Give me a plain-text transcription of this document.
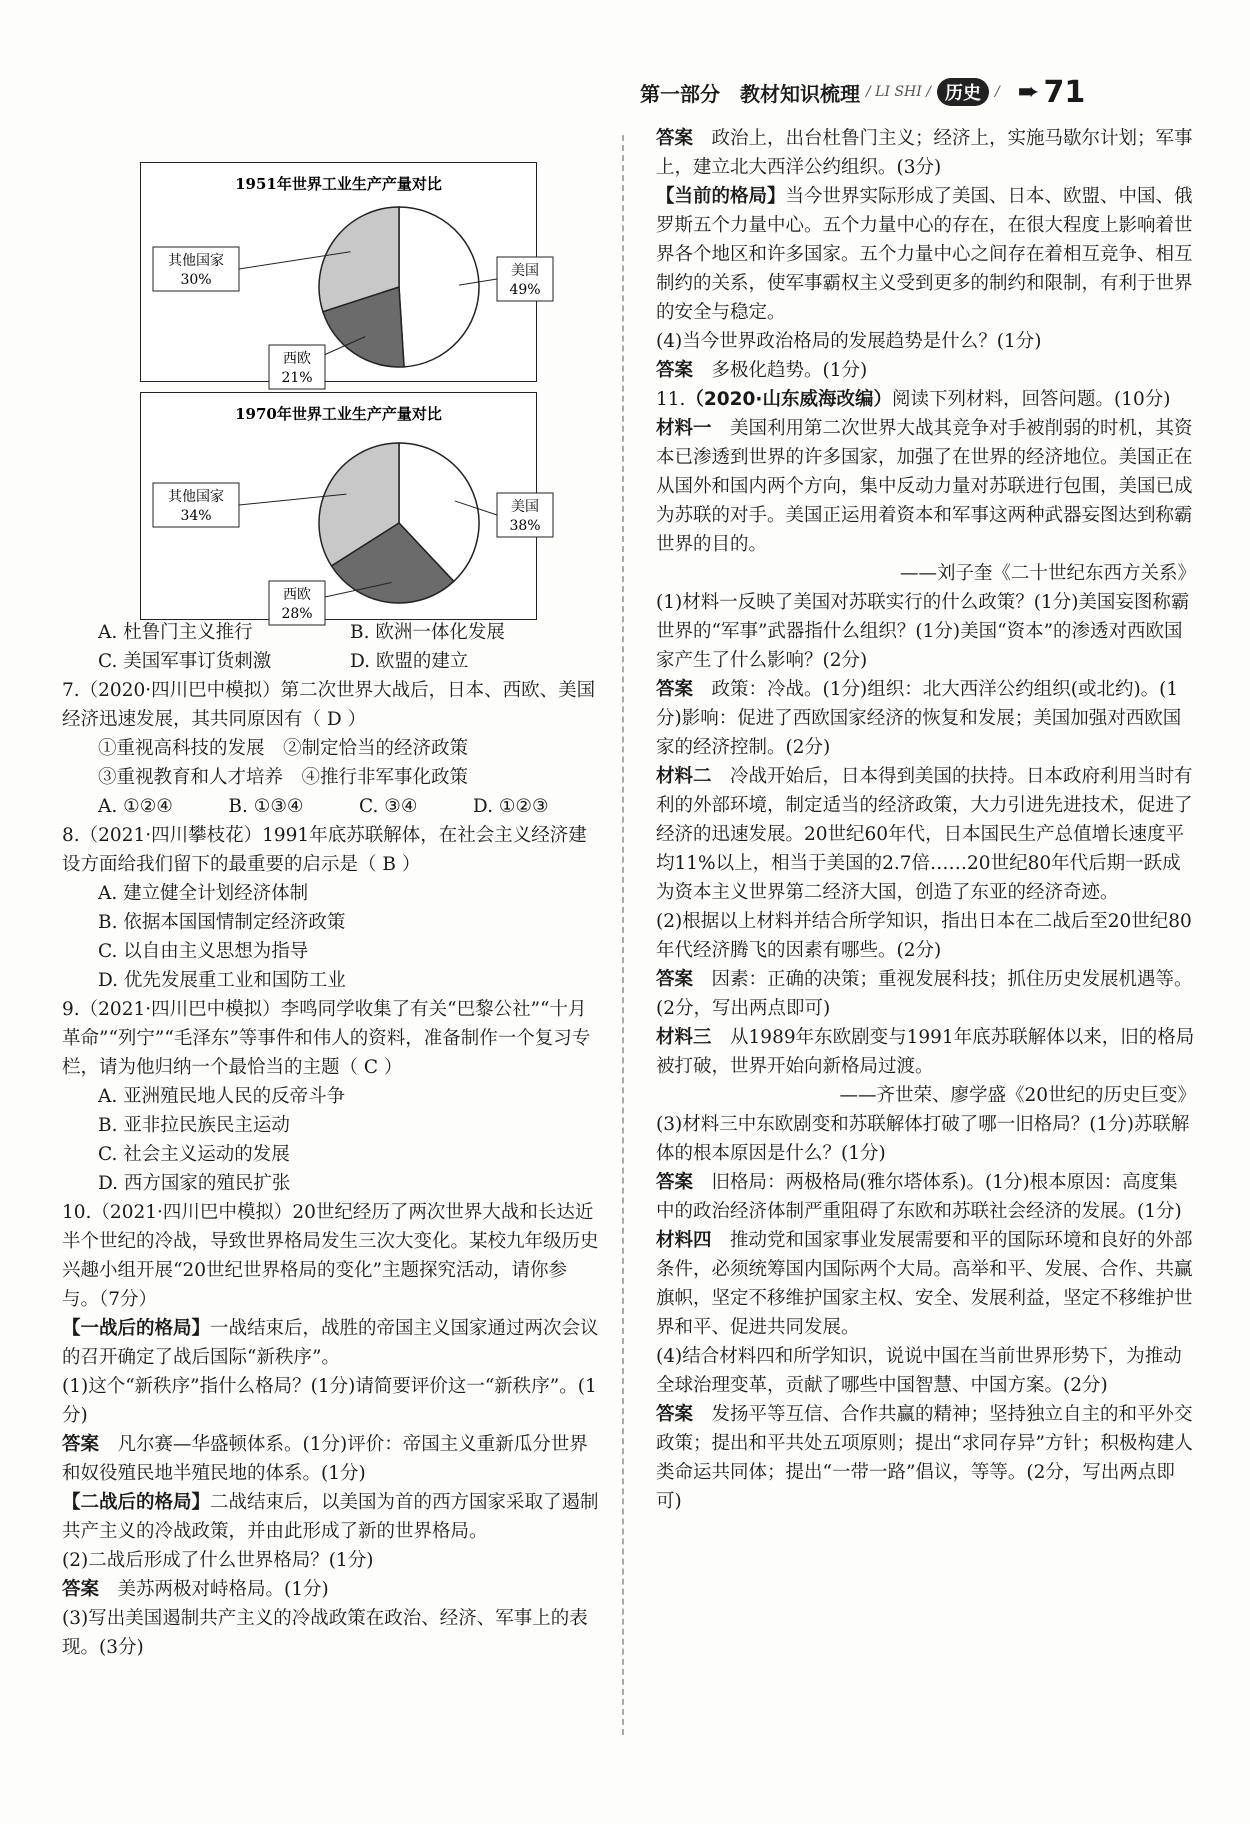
第一部分　教材知识梳理 / LI SHI / 历史	/ ➨ 71
1951年世界工业生产产量对比
美国
49%
西欧
21%
其他国家
30%
1970年世界工业生产产量对比
美国
38%
西欧
28%
其他国家
34%
A. 杜鲁门主义推行	B. 欧洲一体化发展
C. 美国军事订货刺激	D. 欧盟的建立

7.（2020·四川巴中模拟）第二次世界大战后，日本、西欧、美国经济迅速发展，其共同原因有（ D ）

①重视高科技的发展　②制定恰当的经济政策

③重视教育和人才培养　④推行非军事化政策

A. ①②④　　　B. ①③④　　　C. ③④　　　D. ①②③

8.（2021·四川攀枝花）1991年底苏联解体，在社会主义经济建设方面给我们留下的最重要的启示是（ B ）

A. 建立健全计划经济体制

B. 依据本国国情制定经济政策

C. 以自由主义思想为指导

D. 优先发展重工业和国防工业

9.（2021·四川巴中模拟）李鸣同学收集了有关“巴黎公社”“十月革命”“列宁”“毛泽东”等事件和伟人的资料，准备制作一个复习专栏，请为他归纳一个最恰当的主题（ C ）

A. 亚洲殖民地人民的反帝斗争

B. 亚非拉民族民主运动

C. 社会主义运动的发展

D. 西方国家的殖民扩张

10.（2021·四川巴中模拟）20世纪经历了两次世界大战和长达近半个世纪的冷战，导致世界格局发生三次大变化。某校九年级历史兴趣小组开展“20世纪世界格局的变化”主题探究活动，请你参与。（7分）

【一战后的格局】一战结束后，战胜的帝国主义国家通过两次会议的召开确定了战后国际“新秩序”。

(1)这个“新秩序”指什么格局？(1分)请简要评价这一“新秩序”。(1分)

答案　 凡尔赛—华盛顿体系。(1分)评价：帝国主义重新瓜分世界和奴役殖民地半殖民地的体系。(1分)

【二战后的格局】二战结束后，以美国为首的西方国家采取了遏制共产主义的冷战政策，并由此形成了新的世界格局。

(2)二战后形成了什么世界格局？(1分)

答案　 美苏两极对峙格局。(1分)

(3)写出美国遏制共产主义的冷战政策在政治、经济、军事上的表现。(3分)

答案　 政治上，出台杜鲁门主义；经济上，实施马歇尔计划；军事上，建立北大西洋公约组织。(3分)

【当前的格局】当今世界实际形成了美国、日本、欧盟、中国、俄罗斯五个力量中心。五个力量中心的存在，在很大程度上影响着世界各个地区和许多国家。五个力量中心之间存在着相互竞争、相互制约的关系，使军事霸权主义受到更多的制约和限制，有利于世界的安全与稳定。

(4)当今世界政治格局的发展趋势是什么？(1分)

答案　 多极化趋势。(1分)

11.（2020·山东威海改编）阅读下列材料，回答问题。(10分)

材料一　 美国利用第二次世界大战其竞争对手被削弱的时机，其资本已渗透到世界的许多国家，加强了在世界的经济地位。美国正在从国外和国内两个方向，集中反动力量对苏联进行包围，美国已成为苏联的对手。美国正运用着资本和军事这两种武器妄图达到称霸世界的目的。

——刘子奎《二十世纪东西方关系》

(1)材料一反映了美国对苏联实行的什么政策？(1分)美国妄图称霸世界的“军事”武器指什么组织？(1分)美国“资本”的渗透对西欧国家产生了什么影响？(2分)

答案　 政策：冷战。(1分)组织：北大西洋公约组织(或北约)。(1分)影响：促进了西欧国家经济的恢复和发展；美国加强对西欧国家的经济控制。(2分)

材料二　 冷战开始后，日本得到美国的扶持。日本政府利用当时有利的外部环境，制定适当的经济政策，大力引进先进技术，促进了经济的迅速发展。20世纪60年代，日本国民生产总值增长速度平均11%以上，相当于美国的2.7倍……20世纪80年代后期一跃成为资本主义世界第二经济大国，创造了东亚的经济奇迹。

(2)根据以上材料并结合所学知识，指出日本在二战后至20世纪80年代经济腾飞的因素有哪些。(2分)

答案　 因素：正确的决策；重视发展科技；抓住历史发展机遇等。(2分，写出两点即可)

材料三　 从1989年东欧剧变与1991年底苏联解体以来，旧的格局被打破，世界开始向新格局过渡。

——齐世荣、廖学盛《20世纪的历史巨变》

(3)材料三中东欧剧变和苏联解体打破了哪一旧格局？(1分)苏联解体的根本原因是什么？(1分)

答案　 旧格局：两极格局(雅尔塔体系)。(1分)根本原因：高度集中的政治经济体制严重阻碍了东欧和苏联社会经济的发展。(1分)

材料四　 推动党和国家事业发展需要和平的国际环境和良好的外部条件，必须统筹国内国际两个大局。高举和平、发展、合作、共赢旗帜，坚定不移维护国家主权、安全、发展利益，坚定不移维护世界和平、促进共同发展。

(4)结合材料四和所学知识，说说中国在当前世界形势下，为推动全球治理变革，贡献了哪些中国智慧、中国方案。(2分)

答案　 发扬平等互信、合作共赢的精神；坚持独立自主的和平外交政策；提出和平共处五项原则；提出“求同存异”方针；积极构建人类命运共同体；提出“一带一路”倡议，等等。(2分，写出两点即可)
